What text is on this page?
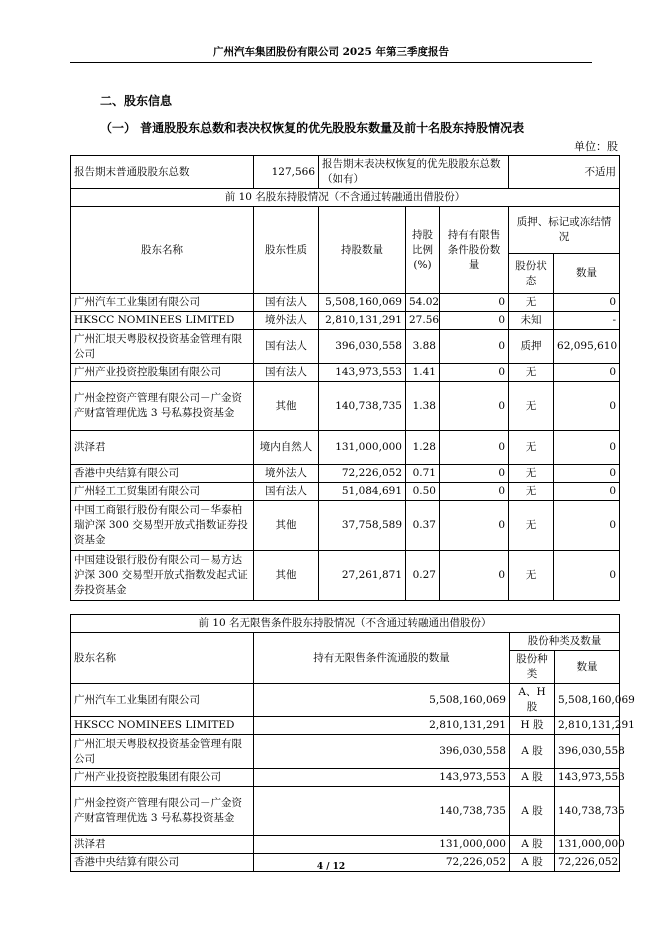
广州汽车集团股份有限公司 2025 年第三季度报告
二、股东信息
（一） 普通股股东总数和表决权恢复的优先股股东数量及前十名股东持股情况表
单位：股
报告期末普通股股东总数	127,566	报告期末表决权恢复的优先股股东总数（如有）			不适用	
前 10 名股东持股情况（不含通过转融通出借股份）						
股东名称	股东性质	持股数量	持股比例(%)	持有有限售条件股份数量	质押、标记或冻结情况	
					股份状态	数量
广州汽车工业集团有限公司	国有法人	5,508,160,069	54.02	0	无	0
HKSCC NOMINEES LIMITED	境外法人	2,810,131,291	27.56	0	未知	-
广州汇垠天粤股权投资基金管理有限公司	国有法人	396,030,558	3.88	0	质押	62,095,610
广州产业投资控股集团有限公司	国有法人	143,973,553	1.41	0	无	0
广州金控资产管理有限公司－广金资产财富管理优选 3 号私募投资基金	其他	140,738,735	1.38	0	无	0
洪泽君	境内自然人	131,000,000	1.28	0	无	0
香港中央结算有限公司	境外法人	72,226,052	0.71	0	无	0
广州轻工工贸集团有限公司	国有法人	51,084,691	0.50	0	无	0
中国工商银行股份有限公司－华泰柏瑞沪深 300 交易型开放式指数证券投资基金	其他	37,758,589	0.37	0	无	0
中国建设银行股份有限公司－易方达沪深 300 交易型开放式指数发起式证券投资基金	其他	27,261,871	0.27	0	无	0
前 10 名无限售条件股东持股情况（不含通过转融通出借股份）			
股东名称	持有无限售条件流通股的数量	股份种类及数量	
		股份种类	数量
广州汽车工业集团有限公司	5,508,160,069	A、H 股	5,508,160,069
HKSCC NOMINEES LIMITED	2,810,131,291	H 股	2,810,131,291
广州汇垠天粤股权投资基金管理有限公司	396,030,558	A 股	396,030,558
广州产业投资控股集团有限公司	143,973,553	A 股	143,973,553
广州金控资产管理有限公司－广金资产财富管理优选 3 号私募投资基金	140,738,735	A 股	140,738,735
洪泽君	131,000,000	A 股	131,000,000
香港中央结算有限公司	72,226,052	A 股	72,226,052
4 / 12
